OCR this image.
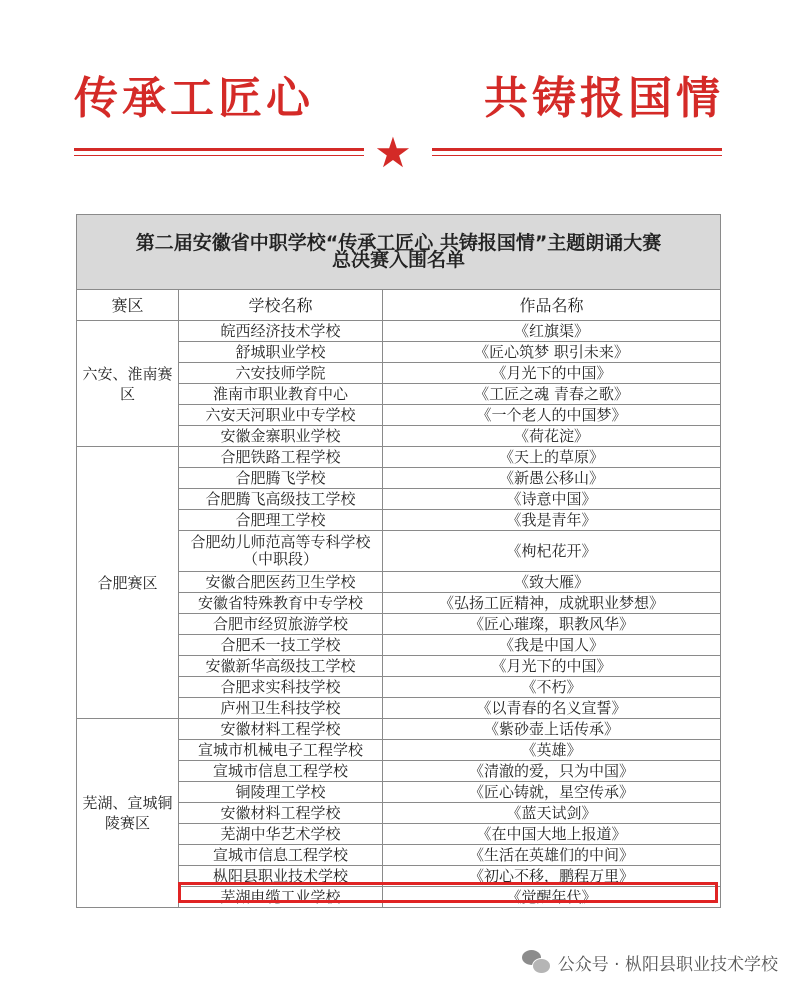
传承工匠心	共铸报国情
★
第二届安徽省中职学校“传承工匠心 共铸报国情”主题朗诵大赛
总决赛入围名单		

赛区	学校名称	作品名称
六安、淮南赛区	皖西经济技术学校	《红旗渠》
	舒城职业学校	《匠心筑梦 职引未来》
	六安技师学院	《月光下的中国》
	淮南市职业教育中心	《工匠之魂 青春之歌》
	六安天河职业中专学校	《一个老人的中国梦》
	安徽金寨职业学校	《荷花淀》
合肥赛区	合肥铁路工程学校	《天上的草原》
	合肥腾飞学校	《新愚公移山》
	合肥腾飞高级技工学校	《诗意中国》
	合肥理工学校	《我是青年》
	合肥幼儿师范高等专科学校（中职段）	《枸杞花开》
	安徽合肥医药卫生学校	《致大雁》
	安徽省特殊教育中专学校	《弘扬工匠精神，成就职业梦想》
	合肥市经贸旅游学校	《匠心璀璨，职教风华》
	合肥禾一技工学校	《我是中国人》
	安徽新华高级技工学校	《月光下的中国》
	合肥求实科技学校	《不朽》
	庐州卫生科技学校	《以青春的名义宣誓》
芜湖、宣城铜陵赛区	安徽材料工程学校	《紫砂壶上话传承》
	宣城市机械电子工程学校	《英雄》
	宣城市信息工程学校	《清澈的爱，只为中国》
	铜陵理工学校	《匠心铸就，星空传承》
	安徽材料工程学校	《蓝天试剑》
	芜湖中华艺术学校	《在中国大地上报道》
	宣城市信息工程学校	《生活在英雄们的中间》
	枞阳县职业技术学校	《初心不移，鹏程万里》
	芜湖电缆工业学校	《觉醒年代》
公众号 · 枞阳县职业技术学校
